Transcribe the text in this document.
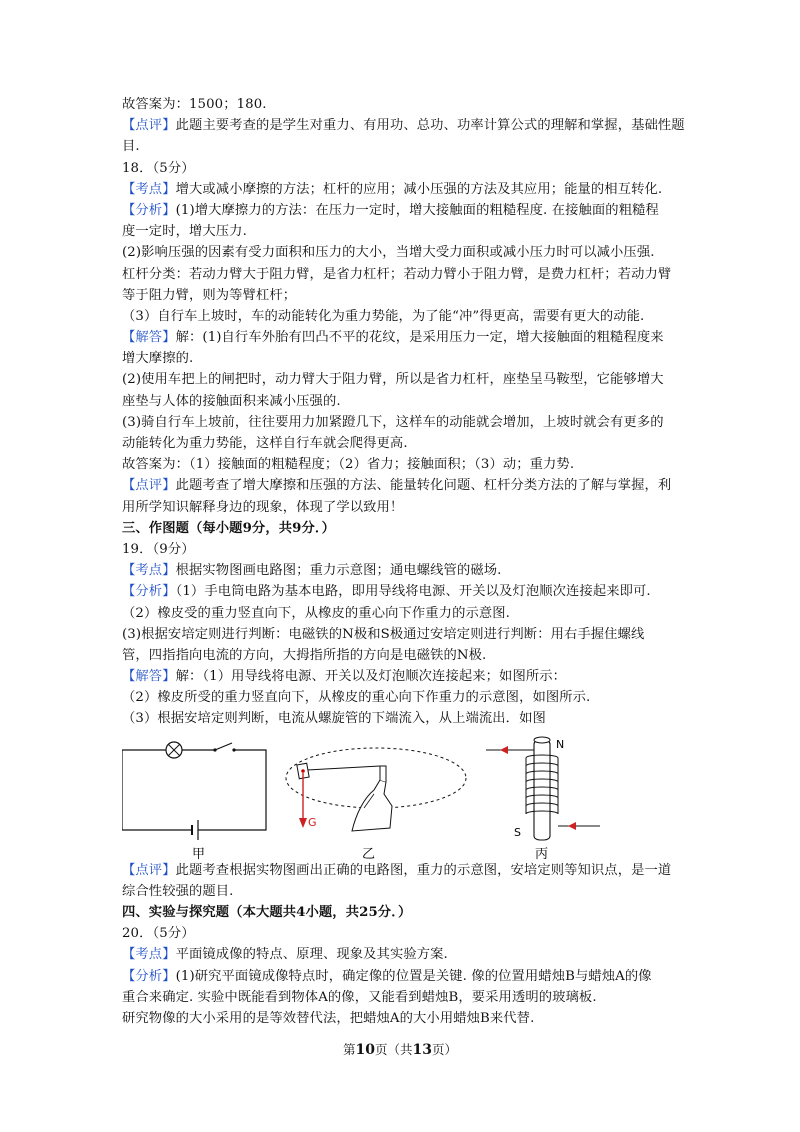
故答案为：1500；180.
【点评】此题主要考查的是学生对重力、有用功、总功、功率计算公式的理解和掌握，基础性题
目.
18．（5分）
【考点】增大或减小摩擦的方法；杠杆的应用；减小压强的方法及其应用；能量的相互转化.
【分析】(1)增大摩擦力的方法：在压力一定时，增大接触面的粗糙程度. 在接触面的粗糙程
度一定时，增大压力.
(2)影响压强的因素有受力面积和压力的大小，当增大受力面积或减小压力时可以减小压强.
杠杆分类：若动力臂大于阻力臂，是省力杠杆；若动力臂小于阻力臂，是费力杠杆；若动力臂
等于阻力臂，则为等臂杠杆；
（3）自行车上坡时，车的动能转化为重力势能，为了能“冲”得更高，需要有更大的动能.
【解答】解：(1)自行车外胎有凹凸不平的花纹，是采用压力一定，增大接触面的粗糙程度来
增大摩擦的.
(2)使用车把上的闸把时，动力臂大于阻力臂，所以是省力杠杆，座垫呈马鞍型，它能够增大
座垫与人体的接触面积来减小压强的.
(3)骑自行车上坡前，往往要用力加紧蹬几下，这样车的动能就会增加，上坡时就会有更多的
动能转化为重力势能，这样自行车就会爬得更高.
故答案为：（1）接触面的粗糙程度；（2）省力；接触面积；（3）动；重力势.
【点评】此题考查了增大摩擦和压强的方法、能量转化问题、杠杆分类方法的了解与掌握，利
用所学知识解释身边的现象，体现了学以致用！
三、作图题（每小题9分，共9分．）
19．（9分）
【考点】根据实物图画电路图；重力示意图；通电螺线管的磁场.
【分析】（1）手电筒电路为基本电路，即用导线将电源、开关以及灯泡顺次连接起来即可.
（2）橡皮受的重力竖直向下，从橡皮的重心向下作重力的示意图.
(3)根据安培定则进行判断：电磁铁的N极和S极通过安培定则进行判断：用右手握住螺线
管，四指指向电流的方向，大拇指所指的方向是电磁铁的N极.
【解答】解：（1）用导线将电源、开关以及灯泡顺次连接起来；如图所示：
（2）橡皮所受的重力竖直向下，从橡皮的重心向下作重力的示意图，如图所示.
（3）根据安培定则判断，电流从螺旋管的下端流入，从上端流出．如图
甲
G
乙
N
S
丙
【点评】此题考查根据实物图画出正确的电路图，重力的示意图，安培定则等知识点，是一道
综合性较强的题目.
四、实验与探究题（本大题共4小题，共25分．）
20．（5分）
【考点】平面镜成像的特点、原理、现象及其实验方案.
【分析】(1)研究平面镜成像特点时，确定像的位置是关键. 像的位置用蜡烛B与蜡烛A的像
重合来确定. 实验中既能看到物体A的像，又能看到蜡烛B，要采用透明的玻璃板.
研究物像的大小采用的是等效替代法，把蜡烛A的大小用蜡烛B来代替.
第10页（共13页）
